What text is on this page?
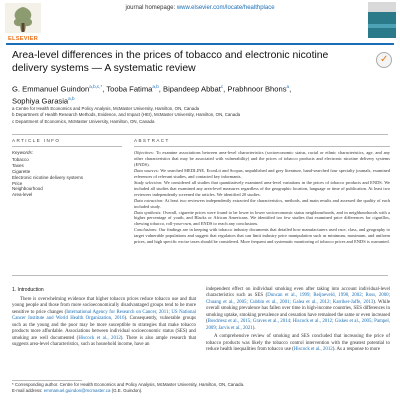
ELSEVIER
journal homepage: www.elsevier.com/locate/healthplace
Area-level differences in the prices of tobacco and electronic nicotine delivery systems — A systematic review
✓
G. Emmanuel Guindon$^{a,b,c,*}$, Tooba Fatima$^{a,b}$, Bipandeep Abbat$^c$, Prabhnoor Bhons$^a$,
Sophiya Garasia$^{a,b}$
a Centre for Health Economics and Policy Analysis, McMaster University, Hamilton, ON, Canada
b Department of Health Research Methods, Evidence, and Impact (HEI), McMaster University, Hamilton, ON, Canada
c Department of Economics, McMaster University, Hamilton, ON, Canada
ARTICLE INFO	ABSTRACT
Keywords:
Tobacco
Taxes
Cigarette
Electronic nicotine delivery systems
Price
Neighbourhood
Area-level

Objectives: To examine associations between area-level characteristics (socioeconomic status, racial or ethnic characteristics, age, and any other characteristics that may be associated with vulnerability) and the prices of tobacco products and electronic nicotine delivery systems (ENDS).

Data sources: We searched MEDLINE, EconLit and Scopus, unpublished and grey literature, hand-searched four specialty journals, examined references of relevant studies, and contacted key informants.

Study selection: We considered all studies that quantitatively examined area-level variations in the prices of tobacco products and ENDS. We included all studies that examined any area-level measures regardless of the geographic location, language or time of publication. At least two reviewers independently screened the articles. We identified 20 studies.

Data extraction: At least two reviewers independently extracted the characteristics, methods, and main results and assessed the quality of each included study.

Data synthesis: Overall, cigarette prices were found to be lower in lower socioeconomic status neighbourhoods, and in neighbourhoods with a higher percentage of youth, and Blacks or African Americans. We identified too few studies that examined price differences for cigarillos, chewing tobacco, roll-your-own, and ENDS to reach any conclusions.

Conclusions: Our findings are in keeping with tobacco industry documents that detailed how manufacturers used race, class, and geography to target vulnerable populations and suggest that regulators that can limit industry price manipulation such as minimum, maximum, and uniform prices, and high specific excise taxes should be considered. More frequent and systematic monitoring of tobacco prices and ENDS is warranted.

1. Introduction

There is overwhelming evidence that higher tobacco prices reduce tobacco use and that young people and those from more socioeconomically disadvantaged groups tend to be more sensitive to price changes (International Agency for Research on Cancer, 2011; US National Cancer Institute and World Health Organization, 2016). Consequently, vulnerable groups such as the young and the poor may be more susceptible to strategies that make tobacco products more affordable. Associations between individual socioeconomic status (SES) and smoking are well documented (Hiscock et al., 2012). There is also ample research that suggests area-level characteristics, such as household income, have an

independent effect on individual smoking even after taking into account individual-level characteristics such as SES (Duncan et al., 1999; Reijneveld, 1998, 2002; Ross, 2000; Chuang et al., 2005; Cubbin et al., 2001; Galea et al., 2012; Karriker-Jaffe, 2013). While overall smoking prevalence has fallen over time in high-income countries, SES differences in smoking uptake, smoking prevalence and cessation have remained the same or even increased (Bosdriesz et al., 2015; Graves et al., 2014; Hiscock et al., 2012; Giskes et al., 2005; Pampel, 2009; Jarvis et al., 2021).

A comprehensive review of smoking and SES concluded that increasing the price of tobacco products was likely the tobacco control intervention with the greatest potential to reduce health inequalities from tobacco use (Hiscock et al., 2012). As a response to more

* Corresponding author. Centre for Health Economics and Policy Analysis, McMaster University, Hamilton, ON, Canada.
E-mail address: emmanuel.guindon@mcmaster.ca (G.E. Guindon).
